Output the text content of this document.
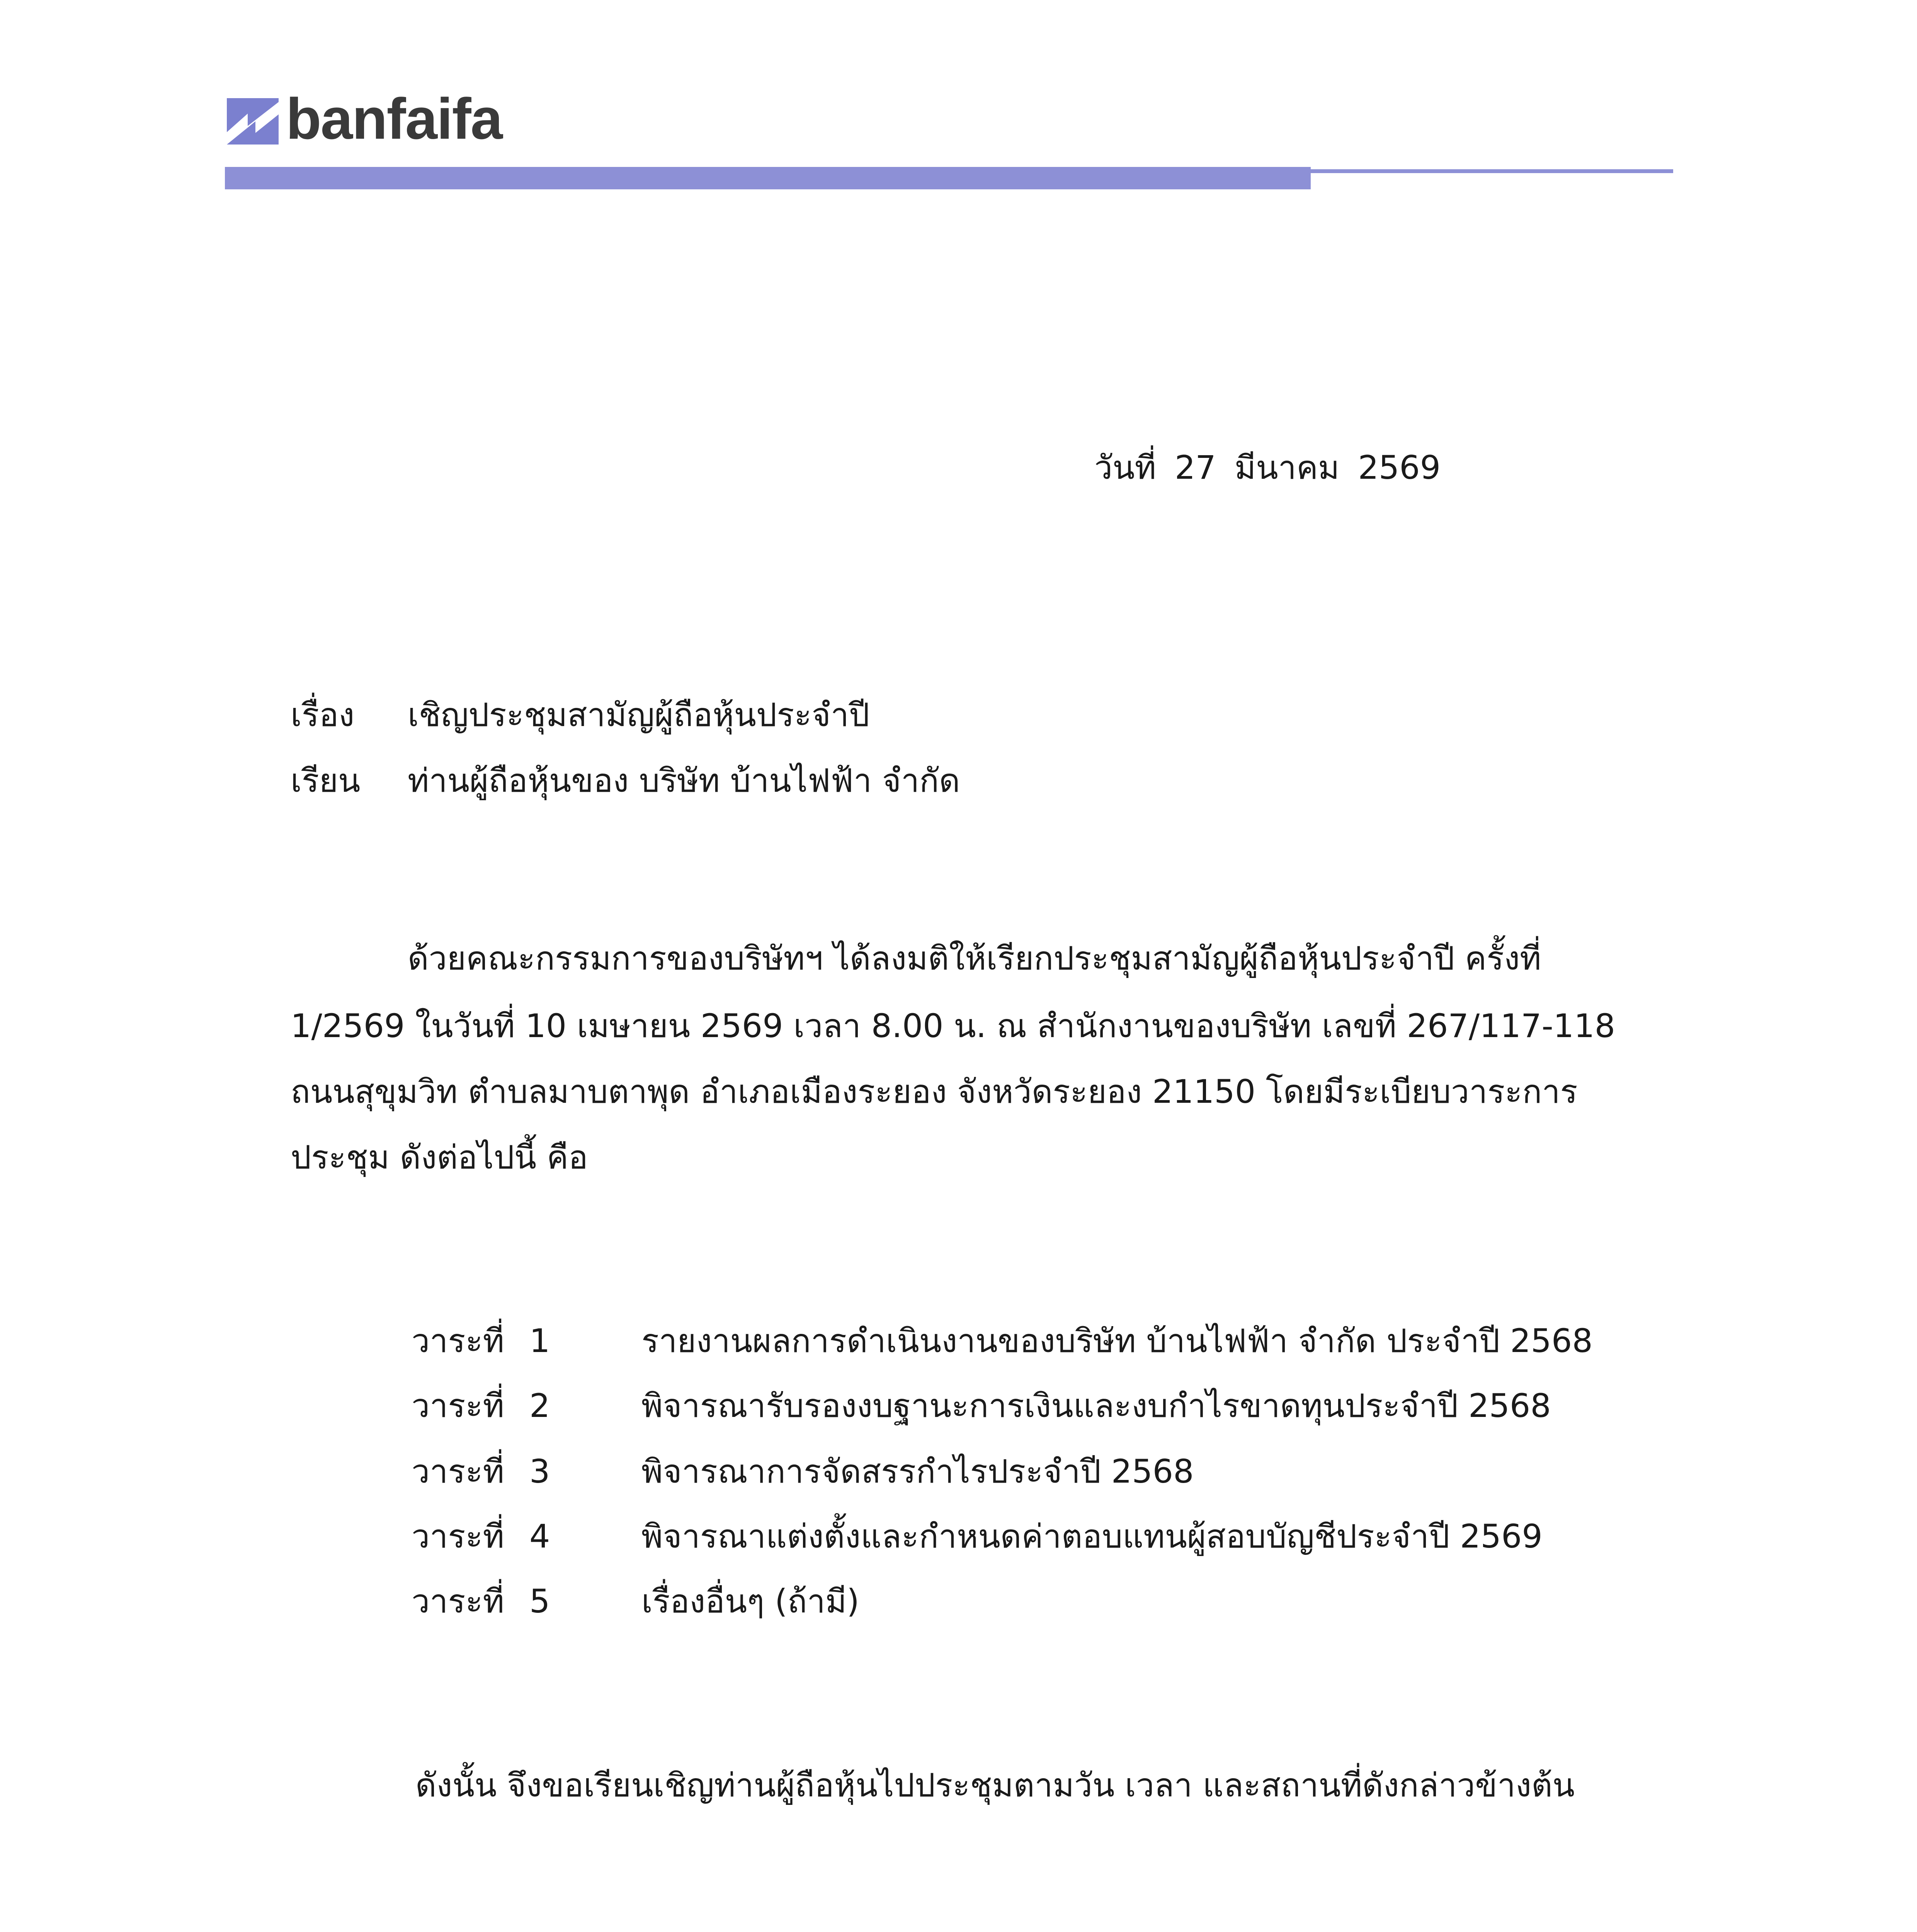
banfaifa
วันที่ 27 มีนาคม 2569
เรื่อง เชิญประชุมสามัญผู้ถือหุ้นประจำปี
เรียน ท่านผู้ถือหุ้นของ บริษัท บ้านไฟฟ้า จำกัด
ด้วยคณะกรรมการของบริษัทฯ ได้ลงมติให้เรียกประชุมสามัญผู้ถือหุ้นประจำปี ครั้งที่
1/2569 ในวันที่ 10 เมษายน 2569 เวลา 8.00 น. ณ สำนักงานของบริษัท เลขที่ 267/117-118
ถนนสุขุมวิท ตำบลมาบตาพุด อำเภอเมืองระยอง จังหวัดระยอง 21150 โดยมีระเบียบวาระการ
ประชุม ดังต่อไปนี้ คือ
วาระที่ 1	รายงานผลการดำเนินงานของบริษัท บ้านไฟฟ้า จำกัด ประจำปี 2568
วาระที่ 2	พิจารณารับรองงบฐานะการเงินและงบกำไรขาดทุนประจำปี 2568
วาระที่ 3	พิจารณาการจัดสรรกำไรประจำปี 2568
วาระที่ 4	พิจารณาแต่งตั้งและกำหนดค่าตอบแทนผู้สอบบัญชีประจำปี 2569
วาระที่ 5	เรื่องอื่นๆ (ถ้ามี)
ดังนั้น จึงขอเรียนเชิญท่านผู้ถือหุ้นไปประชุมตามวัน เวลา และสถานที่ดังกล่าวข้างต้น
